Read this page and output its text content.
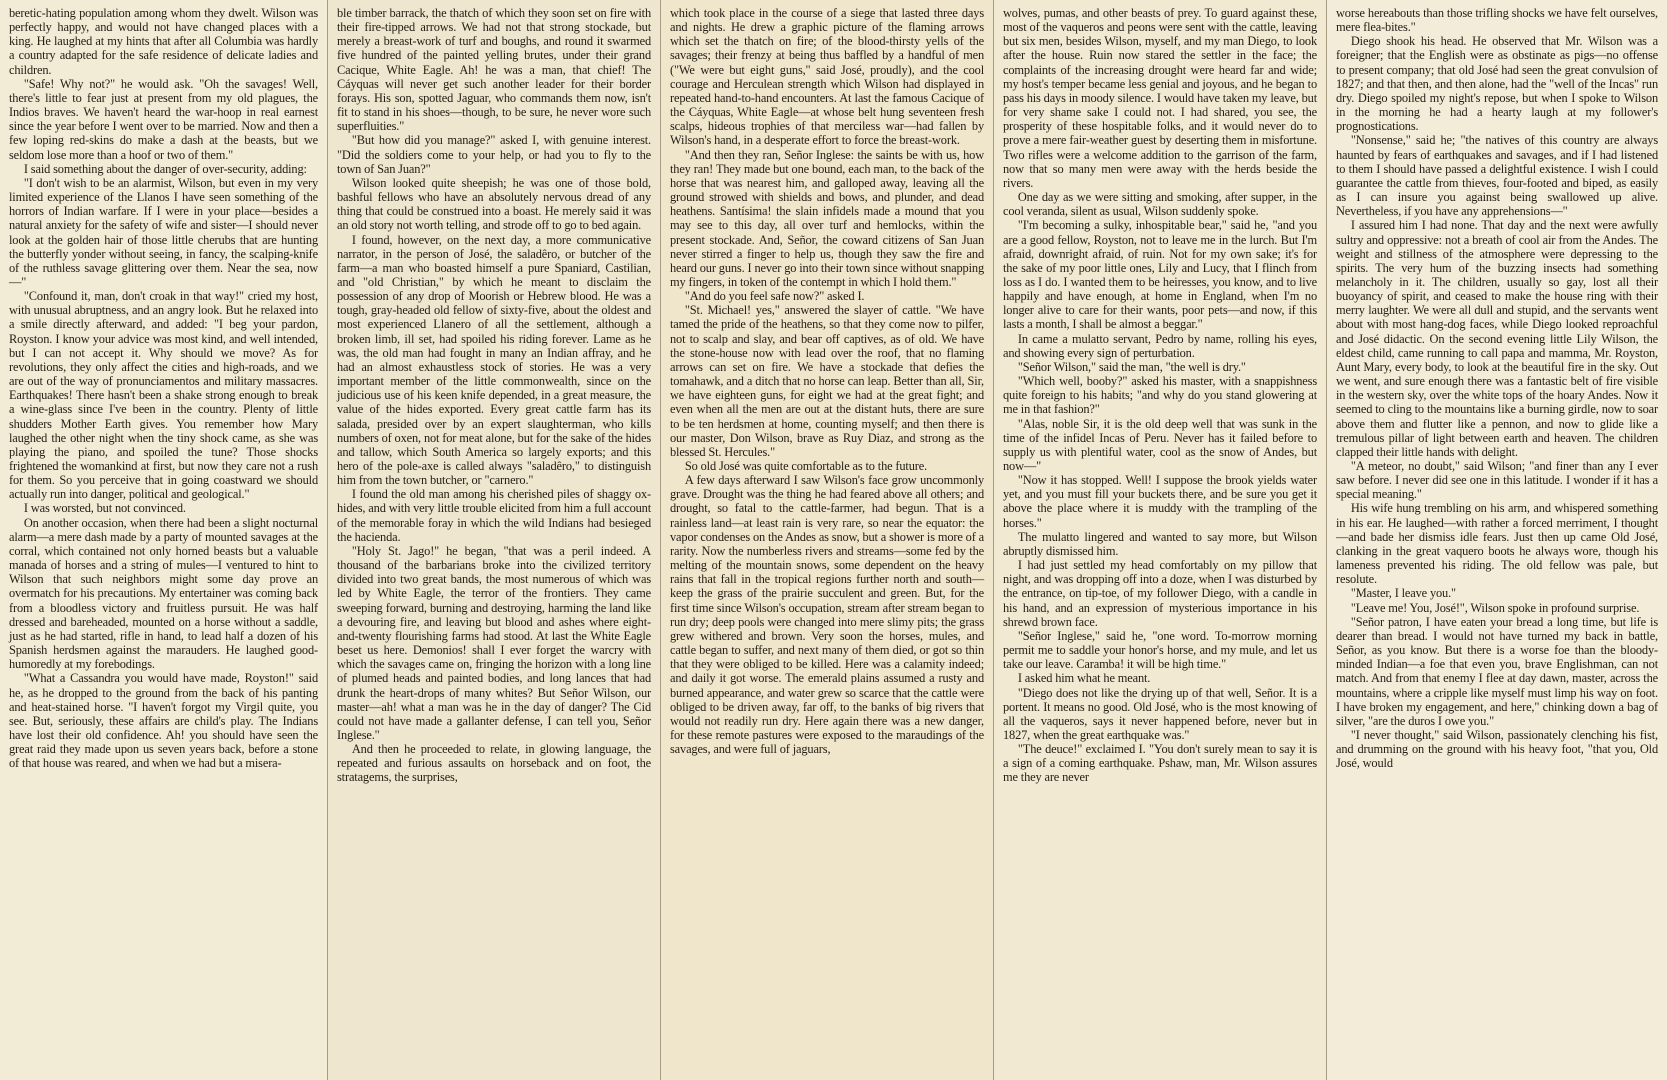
beretic-hating population among whom they dwelt. Wilson was perfectly happy, and would not have changed places with a king. He laughed at my hints that after all Columbia was hardly a country adapted for the safe residence of delicate ladies and children.

"Safe! Why not?" he would ask. "Oh the savages! Well, there's little to fear just at present from my old plagues, the Indios braves. We haven't heard the war-hoop in real earnest since the year before I went over to be married. Now and then a few loping red-skins do make a dash at the beasts, but we seldom lose more than a hoof or two of them."

I said something about the danger of over-security, adding:

"I don't wish to be an alarmist, Wilson, but even in my very limited experience of the Llanos I have seen something of the horrors of Indian warfare. If I were in your place—besides a natural anxiety for the safety of wife and sister—I should never look at the golden hair of those little cherubs that are hunting the butterfly yonder without seeing, in fancy, the scalping-knife of the ruthless savage glittering over them. Near the sea, now—"

"Confound it, man, don't croak in that way!" cried my host, with unusual abruptness, and an angry look. But he relaxed into a smile directly afterward, and added: "I beg your pardon, Royston. I know your advice was most kind, and well intended, but I can not accept it. Why should we move? As for revolutions, they only affect the cities and high-roads, and we are out of the way of pronunciamentos and military massacres. Earthquakes! There hasn't been a shake strong enough to break a wine-glass since I've been in the country. Plenty of little shudders Mother Earth gives. You remember how Mary laughed the other night when the tiny shock came, as she was playing the piano, and spoiled the tune? Those shocks frightened the womankind at first, but now they care not a rush for them. So you perceive that in going coastward we should actually run into danger, political and geological."

I was worsted, but not convinced.

On another occasion, when there had been a slight nocturnal alarm—a mere dash made by a party of mounted savages at the corral, which contained not only horned beasts but a valuable manada of horses and a string of mules—I ventured to hint to Wilson that such neighbors might some day prove an overmatch for his precautions. My entertainer was coming back from a bloodless victory and fruitless pursuit. He was half dressed and bareheaded, mounted on a horse without a saddle, just as he had started, rifle in hand, to lead half a dozen of his Spanish herdsmen against the marauders. He laughed good-humoredly at my forebodings.

"What a Cassandra you would have made, Royston!" said he, as he dropped to the ground from the back of his panting and heat-stained horse. "I haven't forgot my Virgil quite, you see. But, seriously, these affairs are child's play. The Indians have lost their old confidence. Ah! you should have seen the great raid they made upon us seven years back, before a stone of that house was reared, and when we had but a misera-

ble timber barrack, the thatch of which they soon set on fire with their fire-tipped arrows. We had not that strong stockade, but merely a breast-work of turf and boughs, and round it swarmed five hundred of the painted yelling brutes, under their grand Cacique, White Eagle. Ah! he was a man, that chief! The Cáyquas will never get such another leader for their border forays. His son, spotted Jaguar, who commands them now, isn't fit to stand in his shoes—though, to be sure, he never wore such superfluities."

"But how did you manage?" asked I, with genuine interest. "Did the soldiers come to your help, or had you to fly to the town of San Juan?"

Wilson looked quite sheepish; he was one of those bold, bashful fellows who have an absolutely nervous dread of any thing that could be construed into a boast. He merely said it was an old story not worth telling, and strode off to go to bed again.

I found, however, on the next day, a more communicative narrator, in the person of José, the saladêro, or butcher of the farm—a man who boasted himself a pure Spaniard, Castilian, and "old Christian," by which he meant to disclaim the possession of any drop of Moorish or Hebrew blood. He was a tough, gray-headed old fellow of sixty-five, about the oldest and most experienced Llanero of all the settlement, although a broken limb, ill set, had spoiled his riding forever. Lame as he was, the old man had fought in many an Indian affray, and he had an almost exhaustless stock of stories. He was a very important member of the little commonwealth, since on the judicious use of his keen knife depended, in a great measure, the value of the hides exported. Every great cattle farm has its salada, presided over by an expert slaughterman, who kills numbers of oxen, not for meat alone, but for the sake of the hides and tallow, which South America so largely exports; and this hero of the pole-axe is called always "saladêro," to distinguish him from the town butcher, or "carnero."

I found the old man among his cherished piles of shaggy ox-hides, and with very little trouble elicited from him a full account of the memorable foray in which the wild Indians had besieged the hacienda.

"Holy St. Jago!" he began, "that was a peril indeed. A thousand of the barbarians broke into the civilized territory divided into two great bands, the most numerous of which was led by White Eagle, the terror of the frontiers. They came sweeping forward, burning and destroying, harming the land like a devouring fire, and leaving but blood and ashes where eight-and-twenty flourishing farms had stood. At last the White Eagle beset us here. Demonios! shall I ever forget the warcry with which the savages came on, fringing the horizon with a long line of plumed heads and painted bodies, and long lances that had drunk the heart-drops of many whites? But Señor Wilson, our master—ah! what a man was he in the day of danger? The Cid could not have made a gallanter defense, I can tell you, Señor Inglese."

And then he proceeded to relate, in glowing language, the repeated and furious assaults on horseback and on foot, the stratagems, the surprises,

which took place in the course of a siege that lasted three days and nights. He drew a graphic picture of the flaming arrows which set the thatch on fire; of the blood-thirsty yells of the savages; their frenzy at being thus baffled by a handful of men ("We were but eight guns," said José, proudly), and the cool courage and Herculean strength which Wilson had displayed in repeated hand-to-hand encounters. At last the famous Cacique of the Cáyquas, White Eagle—at whose belt hung seventeen fresh scalps, hideous trophies of that merciless war—had fallen by Wilson's hand, in a desperate effort to force the breast-work.

"And then they ran, Señor Inglese: the saints be with us, how they ran! They made but one bound, each man, to the back of the horse that was nearest him, and galloped away, leaving all the ground strowed with shields and bows, and plunder, and dead heathens. Santísima! the slain infidels made a mound that you may see to this day, all over turf and hemlocks, within the present stockade. And, Señor, the coward citizens of San Juan never stirred a finger to help us, though they saw the fire and heard our guns. I never go into their town since without snapping my fingers, in token of the contempt in which I hold them."

"And do you feel safe now?" asked I.

"St. Michael! yes," answered the slayer of cattle. "We have tamed the pride of the heathens, so that they come now to pilfer, not to scalp and slay, and bear off captives, as of old. We have the stone-house now with lead over the roof, that no flaming arrows can set on fire. We have a stockade that defies the tomahawk, and a ditch that no horse can leap. Better than all, Sir, we have eighteen guns, for eight we had at the great fight; and even when all the men are out at the distant huts, there are sure to be ten herdsmen at home, counting myself; and then there is our master, Don Wilson, brave as Ruy Diaz, and strong as the blessed St. Hercules."

So old José was quite comfortable as to the future.

A few days afterward I saw Wilson's face grow uncommonly grave. Drought was the thing he had feared above all others; and drought, so fatal to the cattle-farmer, had begun. That is a rainless land—at least rain is very rare, so near the equator: the vapor condenses on the Andes as snow, but a shower is more of a rarity. Now the numberless rivers and streams—some fed by the melting of the mountain snows, some dependent on the heavy rains that fall in the tropical regions further north and south—keep the grass of the prairie succulent and green. But, for the first time since Wilson's occupation, stream after stream began to run dry; deep pools were changed into mere slimy pits; the grass grew withered and brown. Very soon the horses, mules, and cattle began to suffer, and next many of them died, or got so thin that they were obliged to be killed. Here was a calamity indeed; and daily it got worse. The emerald plains assumed a rusty and burned appearance, and water grew so scarce that the cattle were obliged to be driven away, far off, to the banks of big rivers that would not readily run dry. Here again there was a new danger, for these remote pastures were exposed to the maraudings of the savages, and were full of jaguars,

wolves, pumas, and other beasts of prey. To guard against these, most of the vaqueros and peons were sent with the cattle, leaving but six men, besides Wilson, myself, and my man Diego, to look after the house. Ruin now stared the settler in the face; the complaints of the increasing drought were heard far and wide; my host's temper became less genial and joyous, and he began to pass his days in moody silence. I would have taken my leave, but for very shame sake I could not. I had shared, you see, the prosperity of these hospitable folks, and it would never do to prove a mere fair-weather guest by deserting them in misfortune. Two rifles were a welcome addition to the garrison of the farm, now that so many men were away with the herds beside the rivers.

One day as we were sitting and smoking, after supper, in the cool veranda, silent as usual, Wilson suddenly spoke.

"I'm becoming a sulky, inhospitable bear," said he, "and you are a good fellow, Royston, not to leave me in the lurch. But I'm afraid, downright afraid, of ruin. Not for my own sake; it's for the sake of my poor little ones, Lily and Lucy, that I flinch from loss as I do. I wanted them to be heiresses, you know, and to live happily and have enough, at home in England, when I'm no longer alive to care for their wants, poor pets—and now, if this lasts a month, I shall be almost a beggar."

In came a mulatto servant, Pedro by name, rolling his eyes, and showing every sign of perturbation.

"Señor Wilson," said the man, "the well is dry."

"Which well, booby?" asked his master, with a snappishness quite foreign to his habits; "and why do you stand glowering at me in that fashion?"

"Alas, noble Sir, it is the old deep well that was sunk in the time of the infidel Incas of Peru. Never has it failed before to supply us with plentiful water, cool as the snow of Andes, but now—"

"Now it has stopped. Well! I suppose the brook yields water yet, and you must fill your buckets there, and be sure you get it above the place where it is muddy with the trampling of the horses."

The mulatto lingered and wanted to say more, but Wilson abruptly dismissed him.

I had just settled my head comfortably on my pillow that night, and was dropping off into a doze, when I was disturbed by the entrance, on tip-toe, of my follower Diego, with a candle in his hand, and an expression of mysterious importance in his shrewd brown face.

"Señor Inglese," said he, "one word. To-morrow morning permit me to saddle your honor's horse, and my mule, and let us take our leave. Caramba! it will be high time."

I asked him what he meant.

"Diego does not like the drying up of that well, Señor. It is a portent. It means no good. Old José, who is the most knowing of all the vaqueros, says it never happened before, never but in 1827, when the great earthquake was."

"The deuce!" exclaimed I. "You don't surely mean to say it is a sign of a coming earthquake. Pshaw, man, Mr. Wilson assures me they are never

worse hereabouts than those trifling shocks we have felt ourselves, mere flea-bites."

Diego shook his head. He observed that Mr. Wilson was a foreigner; that the English were as obstinate as pigs—no offense to present company; that old José had seen the great convulsion of 1827; and that then, and then alone, had the "well of the Incas" run dry. Diego spoiled my night's repose, but when I spoke to Wilson in the morning he had a hearty laugh at my follower's prognostications.

"Nonsense," said he; "the natives of this country are always haunted by fears of earthquakes and savages, and if I had listened to them I should have passed a delightful existence. I wish I could guarantee the cattle from thieves, four-footed and biped, as easily as I can insure you against being swallowed up alive. Nevertheless, if you have any apprehensions—"

I assured him I had none. That day and the next were awfully sultry and oppressive: not a breath of cool air from the Andes. The weight and stillness of the atmosphere were depressing to the spirits. The very hum of the buzzing insects had something melancholy in it. The children, usually so gay, lost all their buoyancy of spirit, and ceased to make the house ring with their merry laughter. We were all dull and stupid, and the servants went about with most hang-dog faces, while Diego looked reproachful and José didactic. On the second evening little Lily Wilson, the eldest child, came running to call papa and mamma, Mr. Royston, Aunt Mary, every body, to look at the beautiful fire in the sky. Out we went, and sure enough there was a fantastic belt of fire visible in the western sky, over the white tops of the hoary Andes. Now it seemed to cling to the mountains like a burning girdle, now to soar above them and flutter like a pennon, and now to glide like a tremulous pillar of light between earth and heaven. The children clapped their little hands with delight.

"A meteor, no doubt," said Wilson; "and finer than any I ever saw before. I never did see one in this latitude. I wonder if it has a special meaning."

His wife hung trembling on his arm, and whispered something in his ear. He laughed—with rather a forced merriment, I thought—and bade her dismiss idle fears. Just then up came Old José, clanking in the great vaquero boots he always wore, though his lameness prevented his riding. The old fellow was pale, but resolute.

"Master, I leave you."

"Leave me! You, José!", Wilson spoke in profound surprise.

"Señor patron, I have eaten your bread a long time, but life is dearer than bread. I would not have turned my back in battle, Señor, as you know. But there is a worse foe than the bloody-minded Indian—a foe that even you, brave Englishman, can not match. And from that enemy I flee at day dawn, master, across the mountains, where a cripple like myself must limp his way on foot. I have broken my engagement, and here," chinking down a bag of silver, "are the duros I owe you."

"I never thought," said Wilson, passionately clenching his fist, and drumming on the ground with his heavy foot, "that you, Old José, would
